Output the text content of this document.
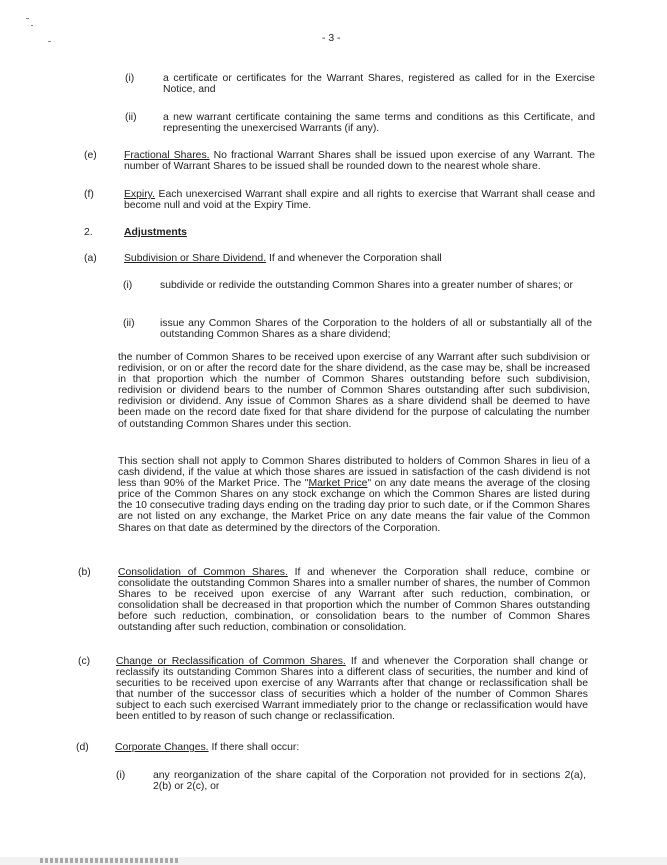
- 3 -
(i)	a certificate or certificates for the Warrant Shares, registered as called for in the Exercise Notice, and
(ii)	a new warrant certificate containing the same terms and conditions as this Certificate, and representing the unexercised Warrants (if any).
(e)	Fractional Shares. No fractional Warrant Shares shall be issued upon exercise of any Warrant. The number of Warrant Shares to be issued shall be rounded down to the nearest whole share.
(f)	Expiry. Each unexercised Warrant shall expire and all rights to exercise that Warrant shall cease and become null and void at the Expiry Time.
2.	Adjustments
(a)	Subdivision or Share Dividend. If and whenever the Corporation shall
(i)	subdivide or redivide the outstanding Common Shares into a greater number of shares; or
(ii) issue any Common Shares of the Corporation to the holders of all or substantially all of the outstanding Common Shares as a share dividend;
the number of Common Shares to be received upon exercise of any Warrant after such subdivision or redivision, or on or after the record date for the share dividend, as the case may be, shall be increased in that proportion which the number of Common Shares outstanding before such subdivision, redivision or dividend bears to the number of Common Shares outstanding after such subdivision, redivision or dividend. Any issue of Common Shares as a share dividend shall be deemed to have been made on the record date fixed for that share dividend for the purpose of calculating the number of outstanding Common Shares under this section.
This section shall not apply to Common Shares distributed to holders of Common Shares in lieu of a cash dividend, if the value at which those shares are issued in satisfaction of the cash dividend is not less than 90% of the Market Price. The "Market Price" on any date means the average of the closing price of the Common Shares on any stock exchange on which the Common Shares are listed during the 10 consecutive trading days ending on the trading day prior to such date, or if the Common Shares are not listed on any exchange, the Market Price on any date means the fair value of the Common Shares on that date as determined by the directors of the Corporation.
(b)	Consolidation of Common Shares. If and whenever the Corporation shall reduce, combine or consolidate the outstanding Common Shares into a smaller number of shares, the number of Common Shares to be received upon exercise of any Warrant after such reduction, combination, or consolidation shall be decreased in that proportion which the number of Common Shares outstanding before such reduction, combination, or consolidation bears to the number of Common Shares outstanding after such reduction, combination or consolidation.
(c) Change or Reclassification of Common Shares. If and whenever the Corporation shall change or reclassify its outstanding Common Shares into a different class of securities, the number and kind of securities to be received upon exercise of any Warrants after that change or reclassification shall be that number of the successor class of securities which a holder of the number of Common Shares subject to each such exercised Warrant immediately prior to the change or reclassification would have been entitled to by reason of such change or reclassification.
(d)	Corporate Changes. If there shall occur:
(i)	any reorganization of the share capital of the Corporation not provided for in sections 2(a), 2(b) or 2(c), or
